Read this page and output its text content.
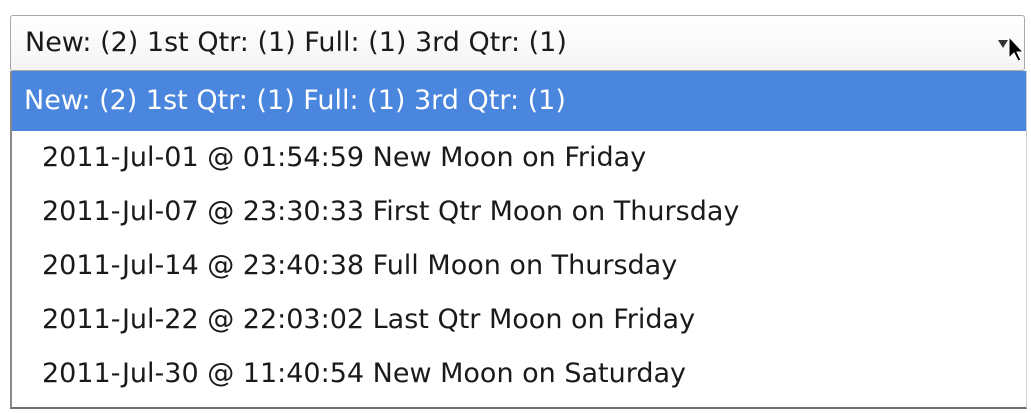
New: (2) 1st Qtr: (1) Full: (1) 3rd Qtr: (1)
New: (2) 1st Qtr: (1) Full: (1) 3rd Qtr: (1)
2011-Jul-01 @ 01:54:59 New Moon on Friday
2011-Jul-07 @ 23:30:33 First Qtr Moon on Thursday
2011-Jul-14 @ 23:40:38 Full Moon on Thursday
2011-Jul-22 @ 22:03:02 Last Qtr Moon on Friday
2011-Jul-30 @ 11:40:54 New Moon on Saturday
